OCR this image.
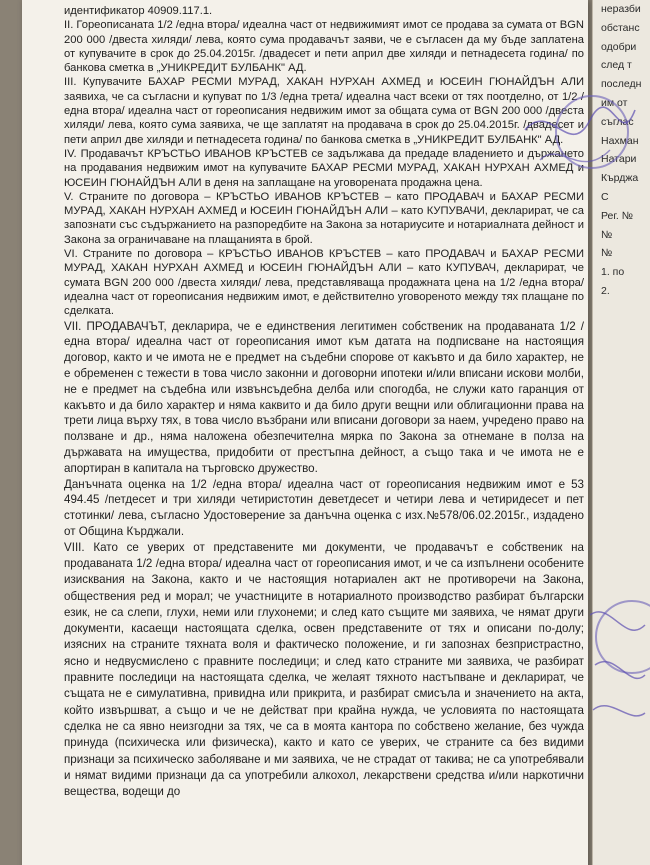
идентификатор 40909.117.1.

II. Гореописаната 1/2 /една втора/ идеална част от недвижимият имот се продава за сумата от BGN 200 000 /двеста хиляди/ лева, която сума продавачът заяви, че е съгласен да му бъде заплатена от купувачите в срок до 25.04.2015г. /двадесет и пети април две хиляди и петнадесета година/ по банкова сметка в „УНИКРЕДИТ БУЛБАНК" АД.

III. Купувачите БАХАР РЕСМИ МУРАД, ХАКАН НУРХАН АХМЕД и ЮСЕИН ГЮНАЙДЪН АЛИ заявиха, че са съгласни и купуват по 1/3 /една трета/ идеална част всеки от тях поотделно, от 1/2 /една втора/ идеална част от гореописания недвижим имот за общата сума от BGN 200 000 /двеста хиляди/ лева, която сума заявиха, че ще заплатят на продавача в срок до 25.04.2015г. /двадесет и пети април две хиляди и петнадесета година/ по банкова сметка в „УНИКРЕДИТ БУЛБАНК" АД.

IV. Продавачът КРЪСТЬО ИВАНОВ КРЪСТЕВ се задължава да предаде владението и държането на продавания недвижим имот на купувачите БАХАР РЕСМИ МУРАД, ХАКАН НУРХАН АХМЕД и ЮСЕИН ГЮНАЙДЪН АЛИ в деня на заплащане на уговорената продажна цена.

V. Страните по договора – КРЪСТЬО ИВАНОВ КРЪСТЕВ – като ПРОДАВАЧ и БАХАР РЕСМИ МУРАД, ХАКАН НУРХАН АХМЕД и ЮСЕИН ГЮНАЙДЪН АЛИ – като КУПУВАЧИ, декларират, че са запознати със съдържанието на разпоредбите на Закона за нотариусите и нотариалната дейност и Закона за ограничаване на плащанията в брой.

VI. Страните по договора – КРЪСТЬО ИВАНОВ КРЪСТЕВ – като ПРОДАВАЧ и БАХАР РЕСМИ МУРАД, ХАКАН НУРХАН АХМЕД и ЮСЕИН ГЮНАЙДЪН АЛИ – като КУПУВАЧ, декларират, че сумата BGN 200 000 /двеста хиляди/ лева, представляваща продажната цена на 1/2 /една втора/ идеална част от гореописания недвижим имот, е действително уговореното между тях плащане по сделката.

VII. ПРОДАВАЧЪТ, декларира, че е единствения легитимен собственик на продаваната 1/2 /една втора/ идеална част от гореописания имот към датата на подписване на настоящия договор, както и че имота не е предмет на съдебни спорове от какъвто и да било характер, не е обременен с тежести в това число законни и договорни ипотеки и/или вписани искови молби, не е предмет на съдебна или извънсъдебна делба или спогодба, не служи като гаранция от какъвто и да било характер и няма каквито и да било други вещни или облигационни права на трети лица върху тях, в това число възбрани или вписани договори за наем, учредено право на ползване и др., няма наложена обезпечителна мярка по Закона за отнемане в полза на държавата на имущества, придобити от престъпна дейност, а също така и че имота не е апортиран в капитала на търговско дружество.

Данъчната оценка на 1/2 /една втора/ идеална част от гореописания недвижим имот е 53 494.45 /петдесет и три хиляди четиристотин деветдесет и четири лева и четиридесет и пет стотинки/ лева, съгласно Удостоверение за данъчна оценка с изх.№578/06.02.2015г., издадено от Община Кърджали.

VIII. Като се уверих от представените ми документи, че продавачът е собственик на продаваната 1/2 /една втора/ идеална част от гореописания имот, и че са изпълнени особените изисквания на Закона, както и че настоящия нотариален акт не противоречи на Закона, обществения ред и морал; че участниците в нотариалното производство разбират български език, не са слепи, глухи, неми или глухонеми; и след като същите ми заявиха, че нямат други документи, касаещи настоящата сделка, освен представените от тях и описани по-долу; изясних на страните тяхната воля и фактическо положение, и ги запознах безпристрастно, ясно и недвусмислено с правните последици; и след като страните ми заявиха, че разбират правните последици на настоящата сделка, че желаят тяхното настъпване и декларират, че същата не е симулативна, привидна или прикрита, и разбират смисъла и значението на акта, който извършват, а също и че не действат при крайна нужда, че условията по настоящата сделка не са явно неизгодни за тях, че са в моята кантора по собствено желание, без чужда принуда (психическа или физическа), както и като се уверих, че страните са без видими признаци за психическо заболяване и ми заявиха, че не страдат от такива; не са употребявали и нямат видими признаци да са употребили алкохол, лекарствени средства и/или наркотични вещества, водещи до

неразби
обстанс
одобри
след т
последн
им от
съглас
Нахман
Натари
Кърджа
С
Рег. №
№
№
1. по
2.
